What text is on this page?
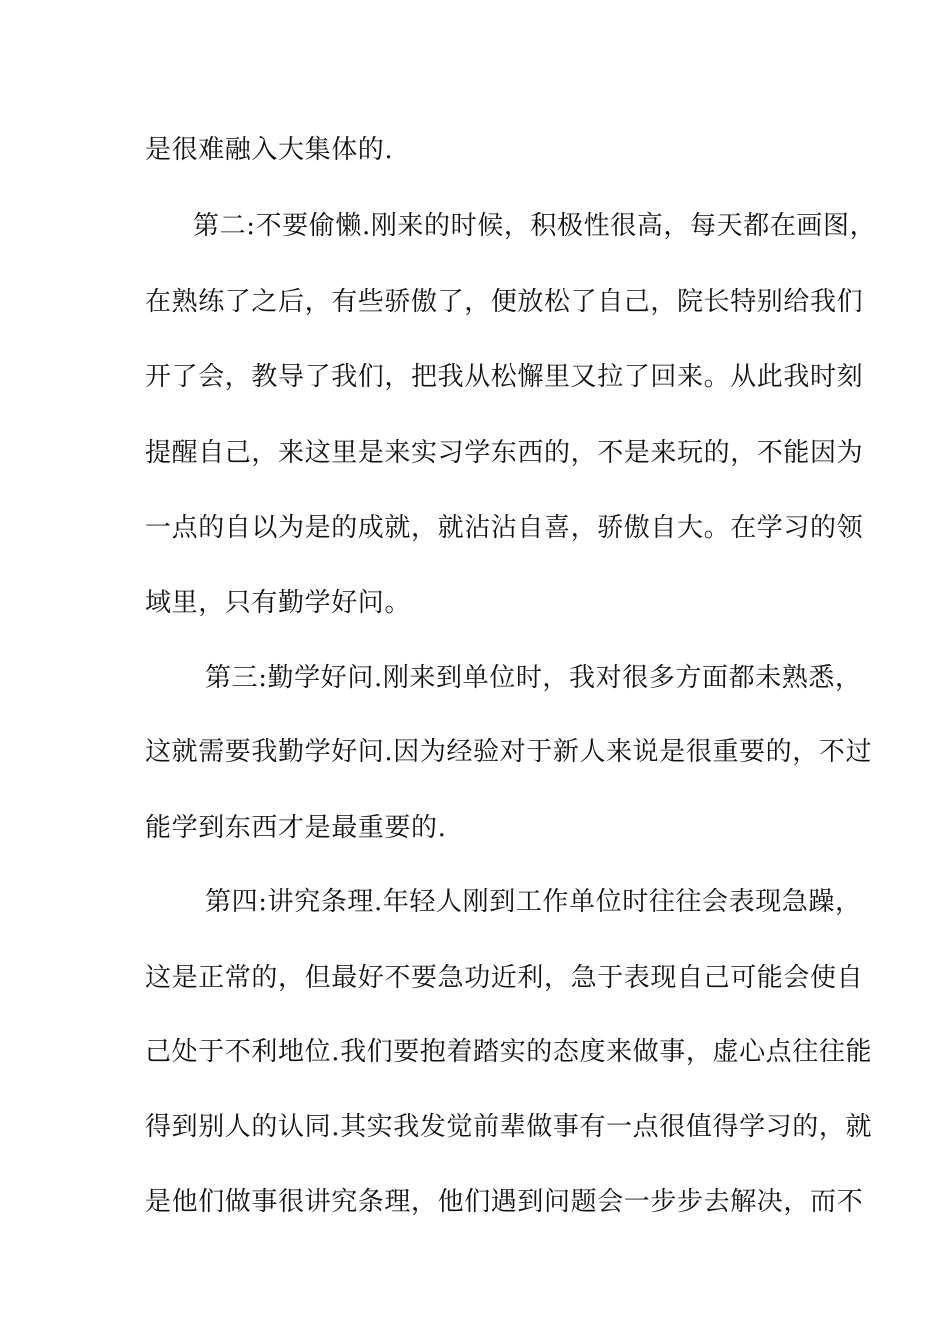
是很难融入大集体的.
第二:不要偷懒.刚来的时候，积极性很高，每天都在画图，
在熟练了之后，有些骄傲了，便放松了自己，院长特别给我们
开了会，教导了我们，把我从松懈里又拉了回来。从此我时刻
提醒自己，来这里是来实习学东西的，不是来玩的，不能因为
一点的自以为是的成就，就沾沾自喜，骄傲自大。在学习的领
域里，只有勤学好问。
第三:勤学好问.刚来到单位时，我对很多方面都未熟悉，
这就需要我勤学好问.因为经验对于新人来说是很重要的，不过
能学到东西才是最重要的.
第四:讲究条理.年轻人刚到工作单位时往往会表现急躁，
这是正常的，但最好不要急功近利，急于表现自己可能会使自
己处于不利地位.我们要抱着踏实的态度来做事，虚心点往往能
得到别人的认同.其实我发觉前辈做事有一点很值得学习的，就
是他们做事很讲究条理，他们遇到问题会一步步去解决，而不
